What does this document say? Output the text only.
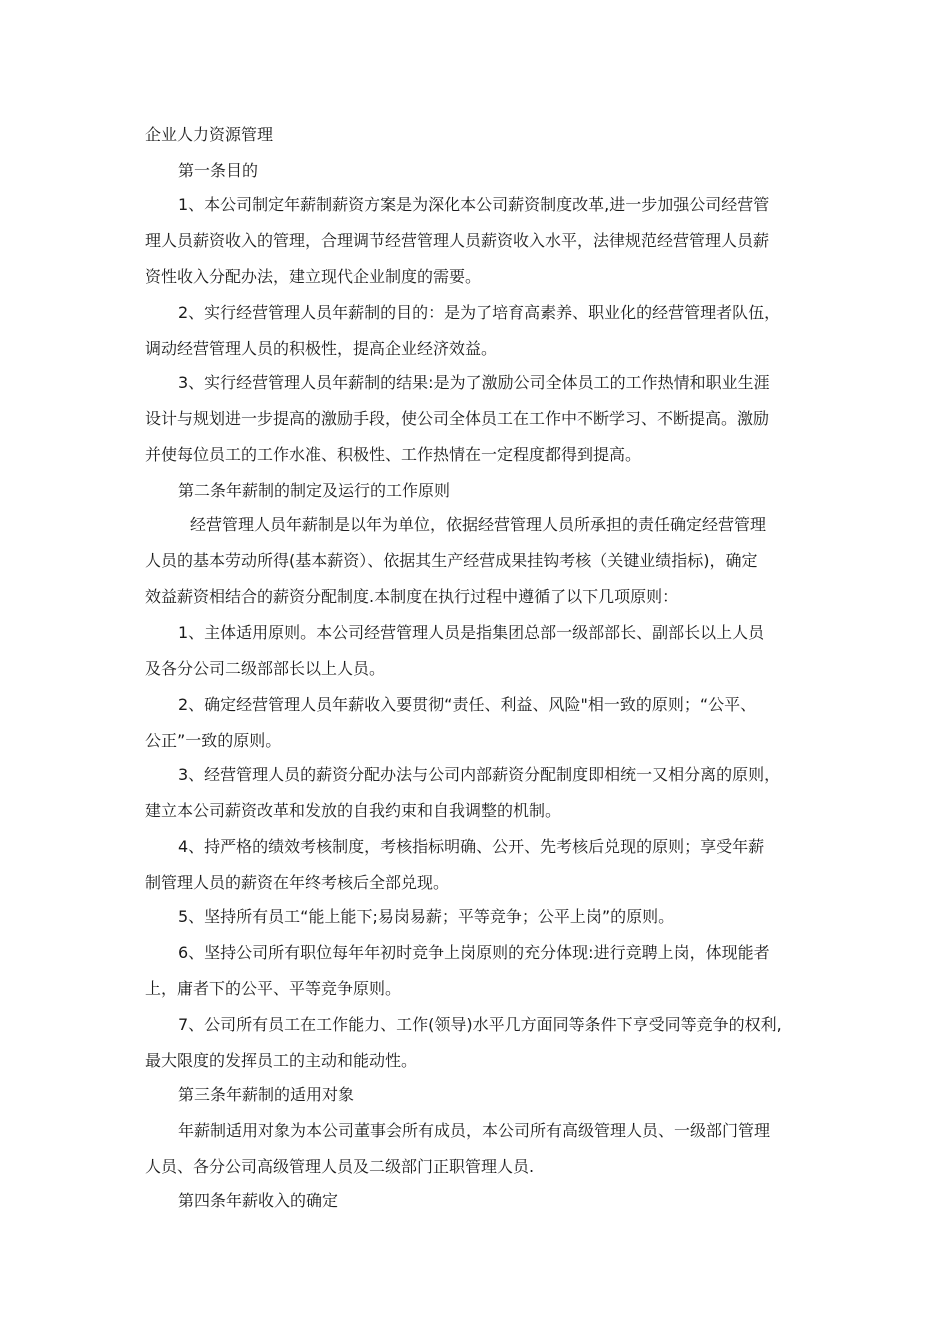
企业人力资源管理
第一条目的
1、本公司制定年薪制薪资方案是为深化本公司薪资制度改革,进一步加强公司经营管
理人员薪资收入的管理，合理调节经营管理人员薪资收入水平，法律规范经营管理人员薪
资性收入分配办法，建立现代企业制度的需要。
2、实行经营管理人员年薪制的目的：是为了培育高素养、职业化的经营管理者队伍，
调动经营管理人员的积极性，提高企业经济效益。
3、实行经营管理人员年薪制的结果:是为了激励公司全体员工的工作热情和职业生涯
设计与规划进一步提高的激励手段，使公司全体员工在工作中不断学习、不断提高。激励
并使每位员工的工作水准、积极性、工作热情在一定程度都得到提高。
第二条年薪制的制定及运行的工作原则
经营管理人员年薪制是以年为单位，依据经营管理人员所承担的责任确定经营管理
人员的基本劳动所得(基本薪资）、依据其生产经营成果挂钩考核（关键业绩指标)，确定
效益薪资相结合的薪资分配制度.本制度在执行过程中遵循了以下几项原则：
1、主体适用原则。本公司经营管理人员是指集团总部一级部部长、副部长以上人员
及各分公司二级部部长以上人员。
2、确定经营管理人员年薪收入要贯彻“责任、利益、风险"相一致的原则；“公平、
公正”一致的原则。
3、经营管理人员的薪资分配办法与公司内部薪资分配制度即相统一又相分离的原则，
建立本公司薪资改革和发放的自我约束和自我调整的机制。
4、持严格的绩效考核制度，考核指标明确、公开、先考核后兑现的原则；享受年薪
制管理人员的薪资在年终考核后全部兑现。
5、坚持所有员工“能上能下;易岗易薪；平等竞争；公平上岗”的原则。
6、坚持公司所有职位每年年初时竞争上岗原则的充分体现:进行竞聘上岗，体现能者
上，庸者下的公平、平等竞争原则。
7、公司所有员工在工作能力、工作(领导)水平几方面同等条件下亨受同等竞争的权利,
最大限度的发挥员工的主动和能动性。
第三条年薪制的适用对象
年薪制适用对象为本公司董事会所有成员，本公司所有高级管理人员、一级部门管理
人员、各分公司高级管理人员及二级部门正职管理人员.
第四条年薪收入的确定
